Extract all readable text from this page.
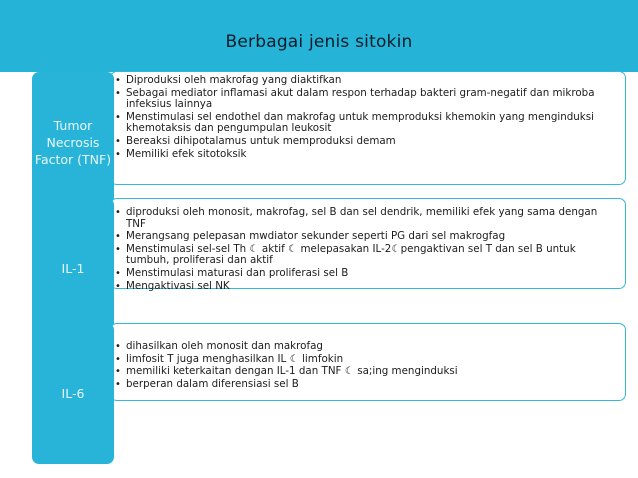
Berbagai jenis sitokin
• Diproduksi oleh makrofag yang diaktifkan
• Sebagai mediator inflamasi akut dalam respon terhadap bakteri gram-negatif dan mikroba infeksius lainnya
• Menstimulasi sel endothel dan makrofag untuk memproduksi khemokin yang menginduksi khemotaksis dan pengumpulan leukosit
• Bereaksi dihipotalamus untuk memproduksi demam
• Memiliki efek sitotoksik
Tumor
Necrosis
Factor (TNF)
• diproduksi oleh monosit, makrofag, sel B dan sel dendrik, memiliki efek yang sama dengan TNF
• Merangsang pelepasan mwdiator sekunder seperti PG dari sel makrogfag
• Menstimulasi sel-sel Th ☾ aktif ☾ melepasakan IL-2☾pengaktivan sel T dan sel B untuk tumbuh, proliferasi dan aktif
• Menstimulasi maturasi dan proliferasi sel B
• Mengaktivasi sel NK
IL-1
• dihasilkan oleh monosit dan makrofag
• limfosit T juga menghasilkan IL ☾ limfokin
• memiliki keterkaitan dengan IL-1 dan TNF ☾ sa;ing menginduksi
• berperan dalam diferensiasi sel B
IL-6
